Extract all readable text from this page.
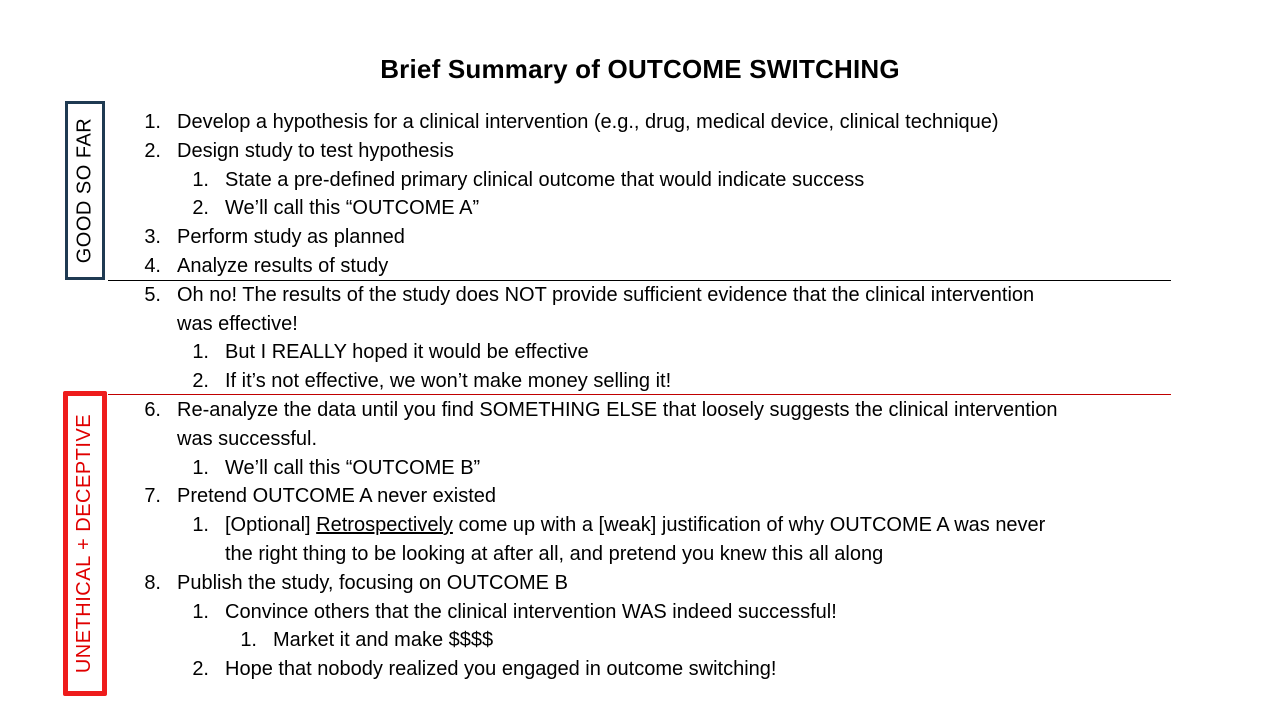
Brief Summary of OUTCOME SWITCHING
GOOD SO FAR
UNETHICAL + DECEPTIVE
1. Develop a hypothesis for a clinical intervention (e.g., drug, medical device, clinical technique)
2. Design study to test hypothesis
1. State a pre-defined primary clinical outcome that would indicate success
2. We’ll call this “OUTCOME A”
3. Perform study as planned
4. Analyze results of study
5. Oh no! The results of the study does NOT provide sufficient evidence that the clinical intervention
was effective!
1. But I REALLY hoped it would be effective
2. If it’s not effective, we won’t make money selling it!
6. Re-analyze the data until you find SOMETHING ELSE that loosely suggests the clinical intervention
was successful.
1. We’ll call this “OUTCOME B”
7. Pretend OUTCOME A never existed
1. [Optional] Retrospectively come up with a [weak] justification of why OUTCOME A was never
the right thing to be looking at after all, and pretend you knew this all along
8. Publish the study, focusing on OUTCOME B
1. Convince others that the clinical intervention WAS indeed successful!
1. Market it and make $$$$
2. Hope that nobody realized you engaged in outcome switching!
